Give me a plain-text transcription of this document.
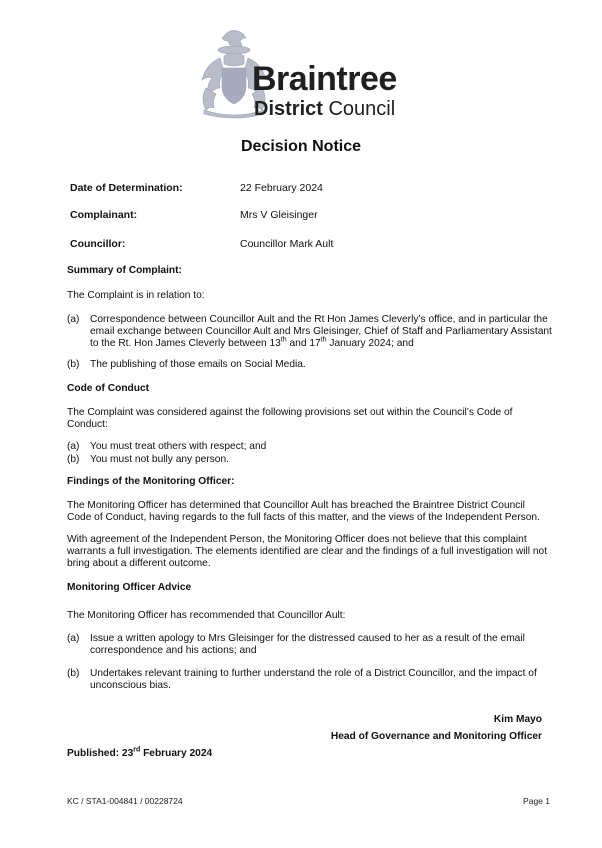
Braintree
District Council
Decision Notice
Date of Determination:	22 February 2024
Complainant:	Mrs V Gleisinger
Councillor:	Councillor Mark Ault
Summary of Complaint:
The Complaint is in relation to:
(a) Correspondence between Councillor Ault and the Rt Hon James Cleverly’s office, and in particular the email exchange between Councillor Ault and Mrs Gleisinger, Chief of Staff and Parliamentary Assistant to the Rt. Hon James Cleverly between 13th and 17th January 2024; and
(b) The publishing of those emails on Social Media.
Code of Conduct
The Complaint was considered against the following provisions set out within the Council’s Code of Conduct:
(a) You must treat others with respect; and
(b) You must not bully any person.
Findings of the Monitoring Officer:
The Monitoring Officer has determined that Councillor Ault has breached the Braintree District Council Code of Conduct, having regards to the full facts of this matter, and the views of the Independent Person.
With agreement of the Independent Person, the Monitoring Officer does not believe that this complaint warrants a full investigation. The elements identified are clear and the findings of a full investigation will not bring about a different outcome.
Monitoring Officer Advice
The Monitoring Officer has recommended that Councillor Ault:
(a) Issue a written apology to Mrs Gleisinger for the distressed caused to her as a result of the email correspondence and his actions; and
(b) Undertakes relevant training to further understand the role of a District Councillor, and the impact of unconscious bias.
Kim Mayo
Head of Governance and Monitoring Officer
Published: 23rd February 2024
KC / STA1-004841 / 00228724	Page 1
